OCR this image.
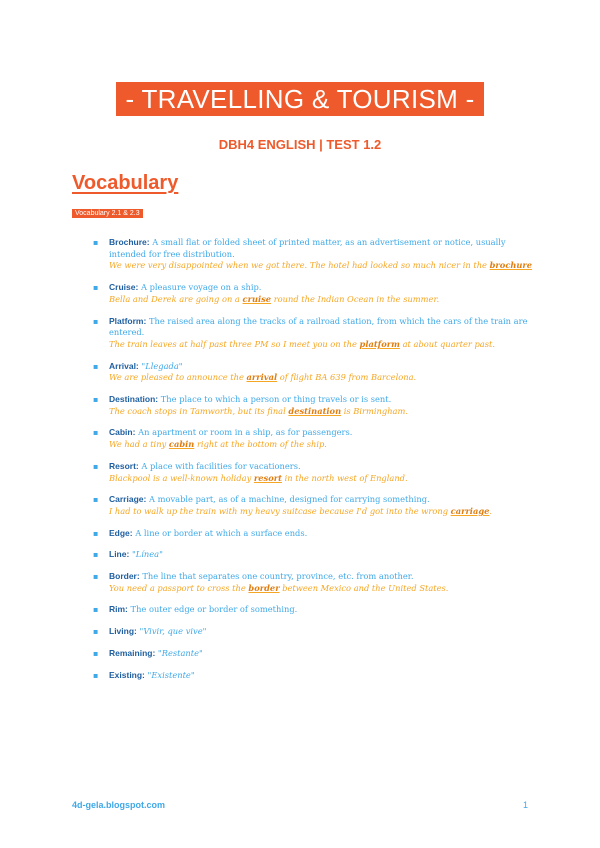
- TRAVELLING & TOURISM -
DBH4 ENGLISH | TEST 1.2
Vocabulary
Vocabulary 2.1 & 2.3
▪ Brochure: A small flat or folded sheet of printed matter, as an advertisement or notice, usually intended for free distribution.
We were very disappointed when we got there. The hotel had looked so much nicer in the brochure
▪ Cruise: A pleasure voyage on a ship.
Bella and Derek are going on a cruise round the Indian Ocean in the summer.
▪ Platform: The raised area along the tracks of a railroad station, from which the cars of the train are entered.
The train leaves at half past three PM so I meet you on the platform at about quarter past.
▪ Arrival: "Llegada"
We are pleased to announce the arrival of flight BA 639 from Barcelona.
▪ Destination: The place to which a person or thing travels or is sent.
The coach stops in Tamworth, but its final destination is Birmingham.
▪ Cabin: An apartment or room in a ship, as for passengers.
We had a tiny cabin right at the bottom of the ship.
▪ Resort: A place with facilities for vacationers.
Blackpool is a well-known holiday resort in the north west of England.
▪ Carriage: A movable part, as of a machine, designed for carrying something.
I had to walk up the train with my heavy suitcase because I'd got into the wrong carriage.
▪ Edge: A line or border at which a surface ends.
▪ Line: "Línea"
▪ Border: The line that separates one country, province, etc. from another.
You need a passport to cross the border between Mexico and the United States.
▪ Rim: The outer edge or border of something.
▪ Living: "Vivir, que vive"
▪ Remaining: "Restante"
▪ Existing: "Existente"
4d-gela.blogspot.com	1
